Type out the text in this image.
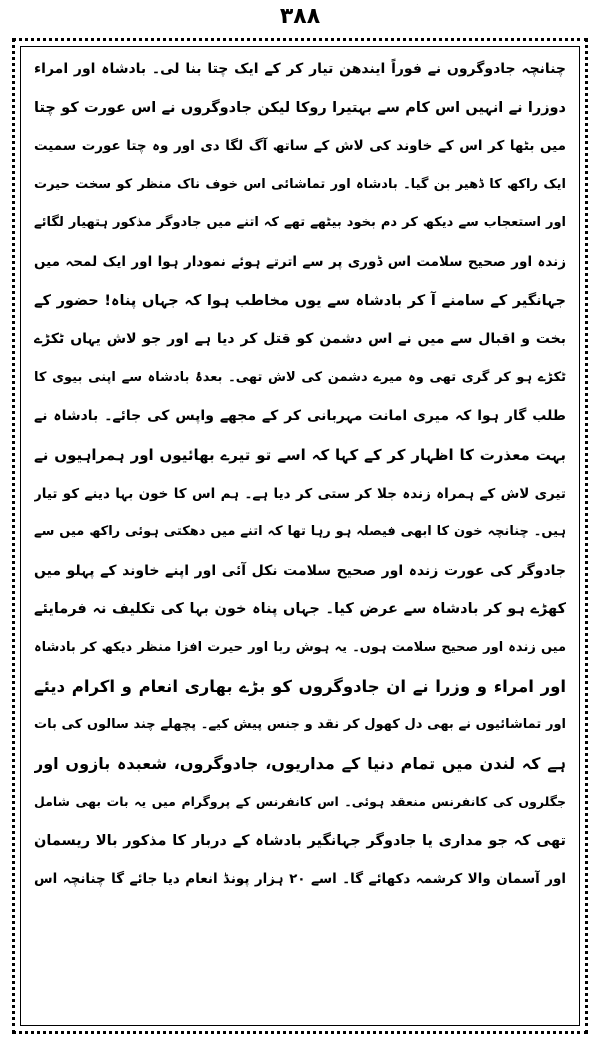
۳۸۸
چنانچہ جادوگروں نے فوراً ایندھن تیار کر کے ایک چتا بنا لی۔ بادشاہ اور امراء
دوزرا نے انہیں اس کام سے بہتیرا روکا لیکن جادوگروں نے اس عورت کو چتا
میں بٹھا کر اس کے خاوند کی لاش کے ساتھ آگ لگا دی اور وہ چتا عورت سمیت
ایک راکھ کا ڈھیر بن گیا۔ بادشاہ اور تماشائی اس خوف ناک منظر کو سخت حیرت
اور استعجاب سے دیکھ کر دم بخود بیٹھے تھے کہ اتنے میں جادوگر مذکور ہتھیار لگائے
زندہ اور صحیح سلامت اس ڈوری پر سے اترتے ہوئے نمودار ہوا اور ایک لمحہ میں
جہانگیر کے سامنے آ کر بادشاہ سے یوں مخاطب ہوا کہ جہاں پناہ! حضور کے
بخت و اقبال سے میں نے اس دشمن کو قتل کر دیا ہے اور جو لاش یہاں ٹکڑے
ٹکڑے ہو کر گری تھی وہ میرے دشمن کی لاش تھی۔ بعدۂ بادشاہ سے اپنی بیوی کا
طلب گار ہوا کہ میری امانت مہربانی کر کے مجھے واپس کی جائے۔ بادشاہ نے
بہت معذرت کا اظہار کر کے کہا کہ اسے تو تیرے بھائیوں اور ہمراہیوں نے
تیری لاش کے ہمراہ زندہ جلا کر ستی کر دیا ہے۔ ہم اس کا خون بہا دینے کو تیار
ہیں۔ چنانچہ خون کا ابھی فیصلہ ہو رہا تھا کہ اتنے میں دھکتی ہوئی راکھ میں سے
جادوگر کی عورت زندہ اور صحیح سلامت نکل آئی اور اپنے خاوند کے پہلو میں
کھڑے ہو کر بادشاہ سے عرض کیا۔ جہاں پناہ خون بہا کی تکلیف نہ فرمایئے
میں زندہ اور صحیح سلامت ہوں۔ یہ ہوش ربا اور حیرت افزا منظر دیکھ کر بادشاہ
اور امراء و وزرا نے ان جادوگروں کو بڑے بھاری انعام و اکرام دیئے
اور تماشائیوں نے بھی دل کھول کر نقد و جنس پیش کیے۔ پچھلے چند سالوں کی بات
ہے کہ لندن میں تمام دنیا کے مداریوں، جادوگروں، شعبدہ بازوں اور
جگلروں کی کانفرنس منعقد ہوئی۔ اس کانفرنس کے پروگرام میں یہ بات بھی شامل
تھی کہ جو مداری یا جادوگر جہانگیر بادشاہ کے دربار کا مذکور بالا ریسمان
اور آسمان والا کرشمہ دکھائے گا۔ اسے ۲۰ ہزار پونڈ انعام دیا جائے گا چنانچہ اس
